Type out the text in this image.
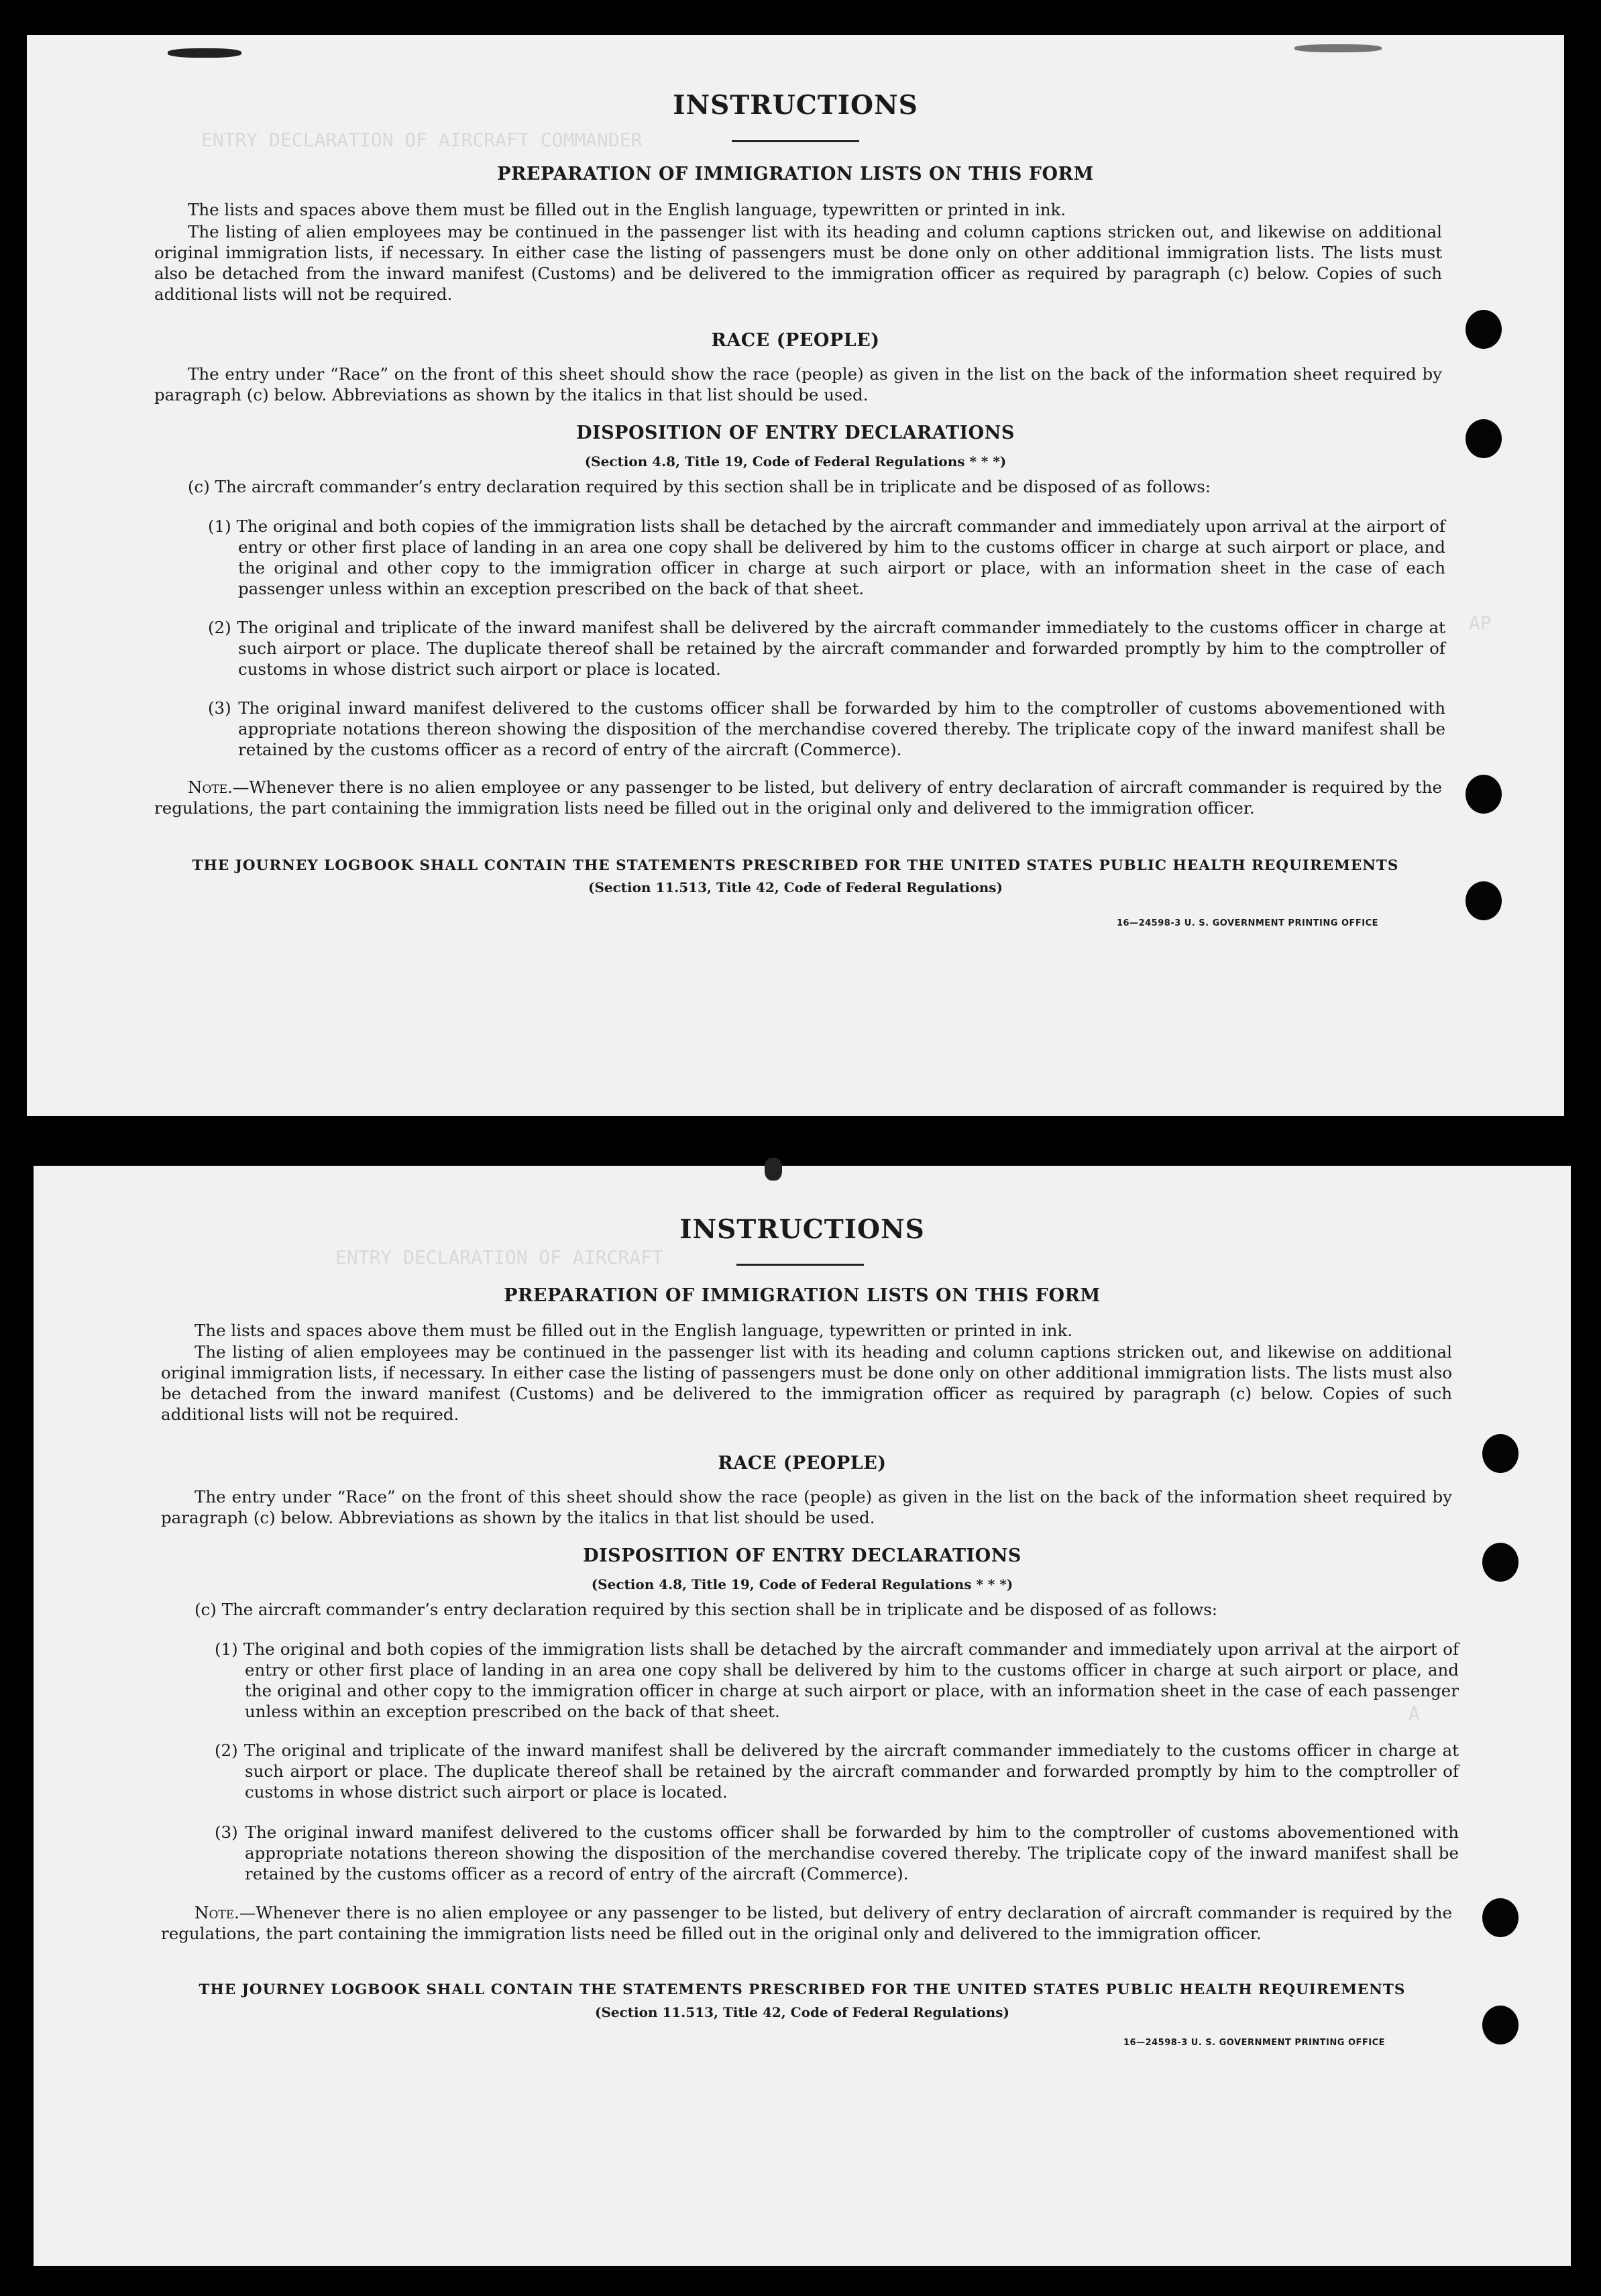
ENTRY DECLARATION OF AIRCRAFT COMMANDER
AP
INSTRUCTIONS
PREPARATION OF IMMIGRATION LISTS ON THIS FORM
The lists and spaces above them must be filled out in the English language, typewritten or printed in ink.
The listing of alien employees may be continued in the passenger list with its heading and column captions stricken out, and likewise on additional original immigration lists, if necessary. In either case the listing of passengers must be done only on other additional immigration lists. The lists must also be detached from the inward manifest (Customs) and be delivered to the immigration officer as required by paragraph (c) below. Copies of such additional lists will not be required.
RACE (PEOPLE)
The entry under “Race” on the front of this sheet should show the race (people) as given in the list on the back of the information sheet required by paragraph (c) below. Abbreviations as shown by the italics in that list should be used.
DISPOSITION OF ENTRY DECLARATIONS
(Section 4.8, Title 19, Code of Federal Regulations * * *)
(c) The aircraft commander’s entry declaration required by this section shall be in triplicate and be disposed of as follows:
(1) The original and both copies of the immigration lists shall be detached by the aircraft commander and immediately upon arrival at the airport of entry or other first place of landing in an area one copy shall be delivered by him to the customs officer in charge at such airport or place, and the original and other copy to the immigration officer in charge at such airport or place, with an information sheet in the case of each passenger unless within an exception prescribed on the back of that sheet.
(2) The original and triplicate of the inward manifest shall be delivered by the aircraft commander immediately to the customs officer in charge at such airport or place. The duplicate thereof shall be retained by the aircraft commander and forwarded promptly by him to the comptroller of customs in whose district such airport or place is located.
(3) The original inward manifest delivered to the customs officer shall be forwarded by him to the comptroller of customs abovementioned with appropriate notations thereon showing the disposition of the merchandise covered thereby. The triplicate copy of the inward manifest shall be retained by the customs officer as a record of entry of the aircraft (Commerce).
Note.—Whenever there is no alien employee or any passenger to be listed, but delivery of entry declaration of aircraft commander is required by the regulations, the part containing the immigration lists need be filled out in the original only and delivered to the immigration officer.
THE JOURNEY LOGBOOK SHALL CONTAIN THE STATEMENTS PRESCRIBED FOR THE UNITED STATES PUBLIC HEALTH REQUIREMENTS
(Section 11.513, Title 42, Code of Federal Regulations)
16—24598-3 U. S. GOVERNMENT PRINTING OFFICE
ENTRY DECLARATION OF AIRCRAFT
A
INSTRUCTIONS
PREPARATION OF IMMIGRATION LISTS ON THIS FORM
The lists and spaces above them must be filled out in the English language, typewritten or printed in ink.
The listing of alien employees may be continued in the passenger list with its heading and column captions stricken out, and likewise on additional original immigration lists, if necessary. In either case the listing of passengers must be done only on other additional immigration lists. The lists must also be detached from the inward manifest (Customs) and be delivered to the immigration officer as required by paragraph (c) below. Copies of such additional lists will not be required.
RACE (PEOPLE)
The entry under “Race” on the front of this sheet should show the race (people) as given in the list on the back of the information sheet required by paragraph (c) below. Abbreviations as shown by the italics in that list should be used.
DISPOSITION OF ENTRY DECLARATIONS
(Section 4.8, Title 19, Code of Federal Regulations * * *)
(c) The aircraft commander’s entry declaration required by this section shall be in triplicate and be disposed of as follows:
(1) The original and both copies of the immigration lists shall be detached by the aircraft commander and immediately upon arrival at the airport of entry or other first place of landing in an area one copy shall be delivered by him to the customs officer in charge at such airport or place, and the original and other copy to the immigration officer in charge at such airport or place, with an information sheet in the case of each passenger unless within an exception prescribed on the back of that sheet.
(2) The original and triplicate of the inward manifest shall be delivered by the aircraft commander immediately to the customs officer in charge at such airport or place. The duplicate thereof shall be retained by the aircraft commander and forwarded promptly by him to the comptroller of customs in whose district such airport or place is located.
(3) The original inward manifest delivered to the customs officer shall be forwarded by him to the comptroller of customs abovementioned with appropriate notations thereon showing the disposition of the merchandise covered thereby. The triplicate copy of the inward manifest shall be retained by the customs officer as a record of entry of the aircraft (Commerce).
Note.—Whenever there is no alien employee or any passenger to be listed, but delivery of entry declaration of aircraft commander is required by the regulations, the part containing the immigration lists need be filled out in the original only and delivered to the immigration officer.
THE JOURNEY LOGBOOK SHALL CONTAIN THE STATEMENTS PRESCRIBED FOR THE UNITED STATES PUBLIC HEALTH REQUIREMENTS
(Section 11.513, Title 42, Code of Federal Regulations)
16—24598-3 U. S. GOVERNMENT PRINTING OFFICE
